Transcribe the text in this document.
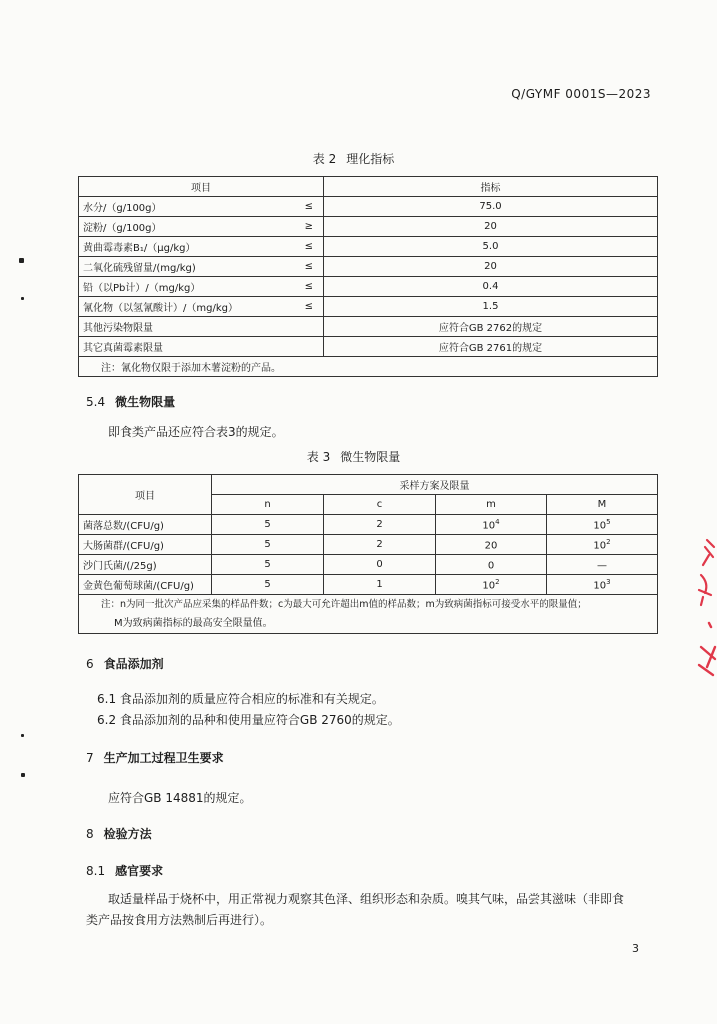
Q/GYMF 0001S—2023
表 2 理化指标
项目		指标
水分/（g/100g）	≤	75.0
淀粉/（g/100g）	≥	20
黄曲霉毒素B₁/（μg/kg）	≤	5.0
二氧化硫残留量/(mg/kg)	≤	20
铅（以Pb计）/（mg/kg）	≤	0.4
氰化物（以氢氰酸计）/（mg/kg）	≤	1.5
其他污染物限量		应符合GB 2762的规定
其它真菌霉素限量		应符合GB 2761的规定
注：氰化物仅限于添加木薯淀粉的产品。		
5.4 微生物限量
即食类产品还应符合表3的规定。
表 3 微生物限量
项目	采样方案及限量			
	n	c	m	M
菌落总数/(CFU/g)	5	2	$10^4$	$10^5$
大肠菌群/(CFU/g)	5	2	20	$10^2$
沙门氏菌/(/25g)	5	0	0	—
金黄色葡萄球菌/(CFU/g)	5	1	$10^2$	$10^3$

注：n为同一批次产品应采集的样品件数；c为最大可允许超出m值的样品数；m为致病菌指标可接受水平的限量值；
M为致病菌指标的最高安全限量值。				
6 食品添加剂
6.1 食品添加剂的质量应符合相应的标准和有关规定。
6.2 食品添加剂的品种和使用量应符合GB 2760的规定。
7 生产加工过程卫生要求
应符合GB 14881的规定。
8 检验方法
8.1 感官要求
取适量样品于烧杯中，用正常视力观察其色泽、组织形态和杂质。嗅其气味，品尝其滋味（非即食
类产品按食用方法熟制后再进行）。
3
